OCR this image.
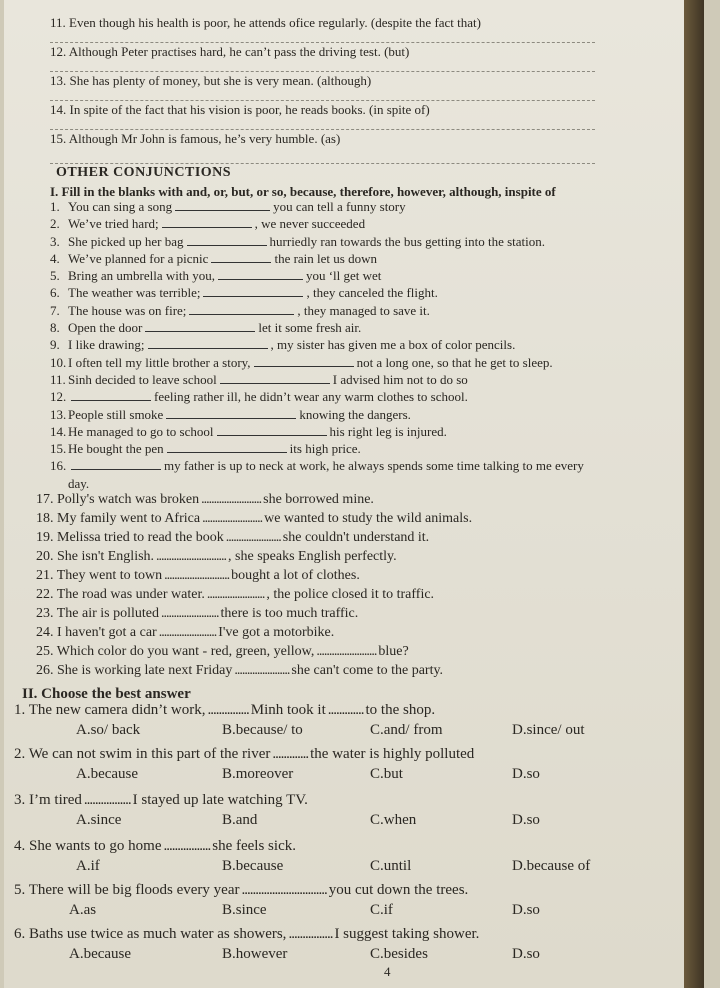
11. Even though his health is poor, he attends ofice regularly. (despite the fact that)
12. Although Peter practises hard, he can’t pass the driving test. (but)
13. She has plenty of money, but she is very mean. (although)
14. In spite of the fact that his vision is poor, he reads books. (in spite of)
15. Although Mr John is famous, he’s very humble. (as)
OTHER CONJUNCTIONS
I. Fill in the blanks with and, or, but, or so, because, therefore, however, although, inspite of
1. You can sing a song	you can tell a funny story
2. We’ve tried hard;	, we never succeeded
3. She picked up her bag	hurriedly ran towards the bus getting into the station.
4. We’ve planned for a picnic	the rain let us down
5. Bring an umbrella with you,	you ‘ll get wet
6. The weather was terrible;	, they canceled the flight.
7. The house was on fire;	, they managed to save it.
8. Open the door	let it some fresh air.
9. I like drawing;	, my sister has given me a box of color pencils.
10. I often tell my little brother a story,	not a long one, so that he get to sleep.
11. Sinh decided to leave school	I advised him not to do so
12.	feeling rather ill, he didn’t wear any warm clothes to school.
13. People still smoke	knowing the dangers.
14. He managed to go to school	his right leg is injured.
15. He bought the pen	its high price.
16.	my father is up to neck at work, he always spends some time talking to me every
day.
17. Polly's watch was broken ........................ she borrowed mine.
18. My family went to Africa ........................ we wanted to study the wild animals.
19. Melissa tried to read the book ...................... she couldn't understand it.
20. She isn't English. ............................ , she speaks English perfectly.
21. They went to town .......................... bought a lot of clothes.
22. The road was under water. ....................... , the police closed it to traffic.
23. The air is polluted ....................... there is too much traffic.
24. I haven't got a car ....................... I've got a motorbike.
25. Which color do you want - red, green, yellow, ........................ blue?
26. She is working late next Friday ...................... she can't come to the party.
II. Choose the best answer
1. The new camera didn’t work, ............... Minh took it ............. to the shop.
A.so/ back	B.because/ to	C.and/ from	D.since/ out
2. We can not swim in this part of the river ............. the water is highly polluted
A.because	B.moreover	C.but	D.so
3. I’m tired ................. I stayed up late watching TV.
A.since	B.and	C.when	D.so
4. She wants to go home ................. she feels sick.
A.if	B.because	C.until	D.because of
5. There will be big floods every year ............................... you cut down the trees.
A.as	B.since	C.if	D.so
6. Baths use twice as much water as showers, ................ I suggest taking shower.
A.because	B.however	C.besides	D.so
4
